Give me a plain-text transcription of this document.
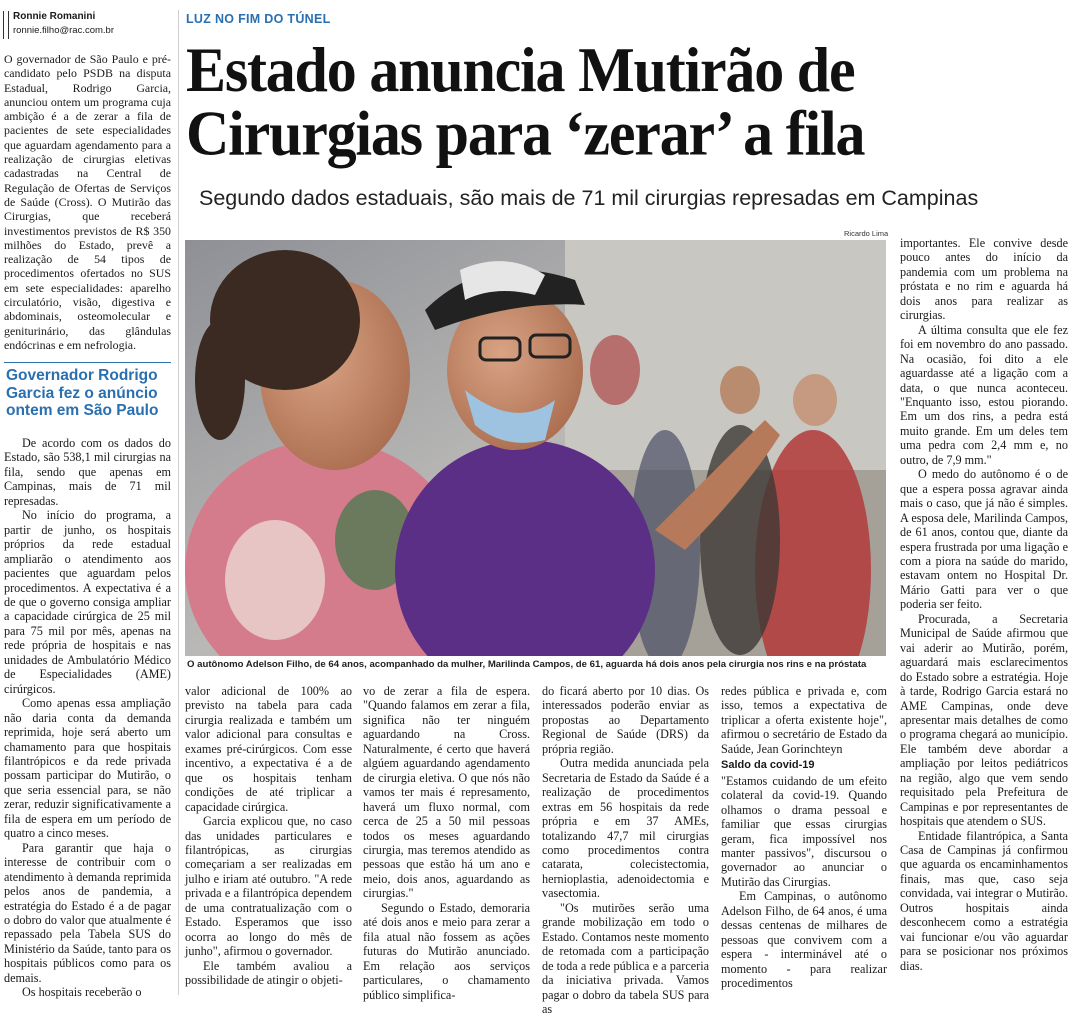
Ronnie Romanini
ronnie.filho@rac.com.br
LUZ NO FIM DO TÚNEL
Estado anuncia Mutirão de
Cirurgias para ‘zerar’ a fila
Segundo dados estaduais, são mais de 71 mil cirurgias represadas em Campinas

O governador de São Paulo e pré-candidato pelo PSDB na disputa Estadual, Rodrigo Garcia, anunciou ontem um programa cuja ambição é a de zerar a fila de pacientes de sete especialidades que aguardam agendamento para a realização de cirurgias eletivas cadastradas na Central de Regulação de Ofertas de Serviços de Saúde (Cross). O Mutirão das Cirurgias, que receberá investimentos previstos de R$ 350 milhões do Estado, prevê a realização de 54 tipos de procedimentos ofertados no SUS em sete especialidades: aparelho circulatório, visão, digestiva e abdominais, osteomolecular e geniturinário, das glândulas endócrinas e em nefrologia.

Governador Rodrigo Garcia fez o anúncio ontem em São Paulo

De acordo com os dados do Estado, são 538,1 mil cirurgias na fila, sendo que apenas em Campinas, mais de 71 mil represadas.

No início do programa, a partir de junho, os hospitais próprios da rede estadual ampliarão o atendimento aos pacientes que aguardam pelos procedimentos. A expectativa é a de que o governo consiga ampliar a capacidade cirúrgica de 25 mil para 75 mil por mês, apenas na rede própria de hospitais e nas unidades de Ambulatório Médico de Especialidades (AME) cirúrgicos.

Como apenas essa ampliação não daria conta da demanda reprimida, hoje será aberto um chamamento para que hospitais filantrópicos e da rede privada possam participar do Mutirão, o que seria essencial para, se não zerar, reduzir significativamente a fila de espera em um período de quatro a cinco meses.

Para garantir que haja o interesse de contribuir com o atendimento à demanda reprimida pelos anos de pandemia, a estratégia do Estado é a de pagar o dobro do valor que atualmente é repassado pela Tabela SUS do Ministério da Saúde, tanto para os hospitais públicos como para os demais.

Os hospitais receberão o

Ricardo Lima
O autônomo Adelson Filho, de 64 anos, acompanhado da mulher, Marilinda Campos, de 61, aguarda há dois anos pela cirurgia nos rins e na próstata

valor adicional de 100% ao previsto na tabela para cada cirurgia realizada e também um valor adicional para consultas e exames pré-cirúrgicos. Com esse incentivo, a expectativa é a de que os hospitais tenham condições de até triplicar a capacidade cirúrgica.

Garcia explicou que, no caso das unidades particulares e filantrópicas, as cirurgias começariam a ser realizadas em julho e iriam até outubro. "A rede privada e a filantrópica dependem de uma contratualização com o Estado. Esperamos que isso ocorra ao longo do mês de junho", afirmou o governador.

Ele também avaliou a possibilidade de atingir o objeti-

vo de zerar a fila de espera. "Quando falamos em zerar a fila, significa não ter ninguém aguardando na Cross. Naturalmente, é certo que haverá algúem aguardando agendamento de cirurgia eletiva. O que nós não vamos ter mais é represamento, haverá um fluxo normal, com cerca de 25 a 50 mil pessoas todos os meses aguardando cirurgia, mas teremos atendido as pessoas que estão há um ano e meio, dois anos, aguardando as cirurgias."

Segundo o Estado, demoraria até dois anos e meio para zerar a fila atual não fossem as ações futuras do Mutirão anunciado. Em relação aos serviços particulares, o chamamento público simplifica-

do ficará aberto por 10 dias. Os interessados poderão enviar as propostas ao Departamento Regional de Saúde (DRS) da própria região.

Outra medida anunciada pela Secretaria de Estado da Saúde é a realização de procedimentos extras em 56 hospitais da rede própria e em 37 AMEs, totalizando 47,7 mil cirurgias como procedimentos contra catarata, colecistectomia, hernioplastia, adenoidectomia e vasectomia.

"Os mutirões serão uma grande mobilização em todo o Estado. Contamos neste momento de retomada com a participação de toda a rede pública e a parceria da iniciativa privada. Vamos pagar o dobro da tabela SUS para as

redes pública e privada e, com isso, temos a expectativa de triplicar a oferta existente hoje", afirmou o secretário de Estado da Saúde, Jean Gorinchteyn

Saldo da covid-19

"Estamos cuidando de um efeito colateral da covid-19. Quando olhamos o drama pessoal e familiar que essas cirurgias geram, fica impossível nos manter passivos", discursou o governador ao anunciar o Mutirão das Cirurgias.

Em Campinas, o autônomo Adelson Filho, de 64 anos, é uma dessas centenas de milhares de pessoas que convivem com a espera - interminável até o momento - para realizar procedimentos

importantes. Ele convive desde pouco antes do início da pandemia com um problema na próstata e no rim e aguarda há dois anos para realizar as cirurgias.

A última consulta que ele fez foi em novembro do ano passado. Na ocasião, foi dito a ele aguardasse até a ligação com a data, o que nunca aconteceu. "Enquanto isso, estou piorando. Em um dos rins, a pedra está muito grande. Em um deles tem uma pedra com 2,4 mm e, no outro, de 7,9 mm."

O medo do autônomo é o de que a espera possa agravar ainda mais o caso, que já não é simples. A esposa dele, Marilinda Campos, de 61 anos, contou que, diante da espera frustrada por uma ligação e com a piora na saúde do marido, estavam ontem no Hospital Dr. Mário Gatti para ver o que poderia ser feito.

Procurada, a Secretaria Municipal de Saúde afirmou que vai aderir ao Mutirão, porém, aguardará mais esclarecimentos do Estado sobre a estratégia. Hoje à tarde, Rodrigo Garcia estará no AME Campinas, onde deve apresentar mais detalhes de como o programa chegará ao município. Ele também deve abordar a ampliação por leitos pediátricos na região, algo que vem sendo requisitado pela Prefeitura de Campinas e por representantes de hospitais que atendem o SUS.

Entidade filantrópica, a Santa Casa de Campinas já confirmou que aguarda os encaminhamentos finais, mas que, caso seja convidada, vai integrar o Mutirão. Outros hospitais ainda desconhecem como a estratégia vai funcionar e/ou vão aguardar para se posicionar nos próximos dias.
